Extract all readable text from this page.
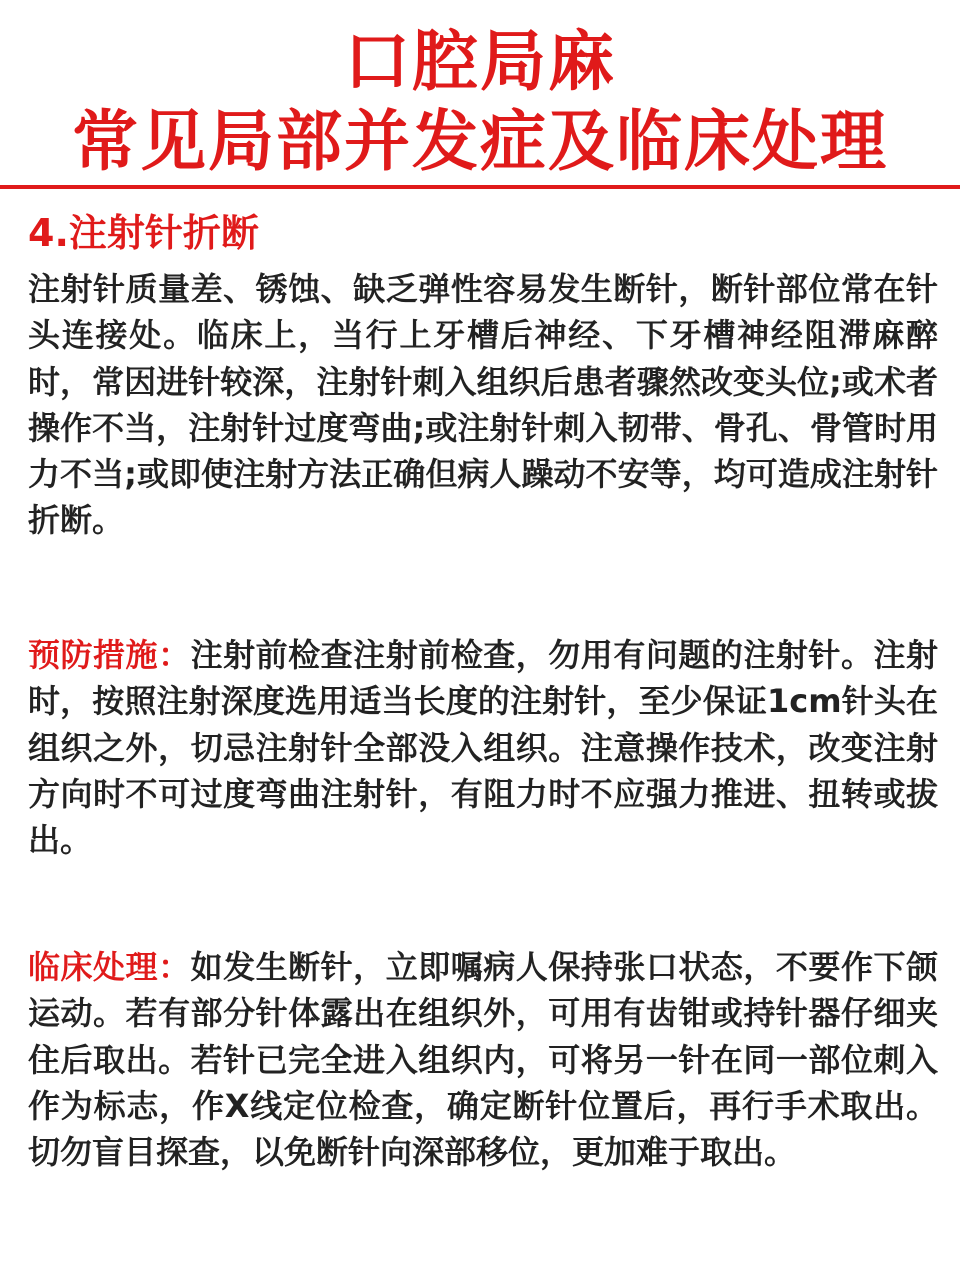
口腔局麻
常见局部并发症及临床处理
4.注射针折断

注射针质量差、锈蚀、缺乏弹性容易发生断针，断针部位常在针头连接处。临床上，当行上牙槽后神经、下牙槽神经阻滞麻醉时，常因进针较深，注射针刺入组织后患者骤然改变头位;或术者操作不当，注射针过度弯曲;或注射针刺入韧带、骨孔、骨管时用力不当;或即使注射方法正确但病人躁动不安等，均可造成注射针折断。

预防措施：注射前检查注射前检查，勿用有问题的注射针。注射时，按照注射深度选用适当长度的注射针，至少保证1cm针头在组织之外，切忌注射针全部没入组织。注意操作技术，改变注射方向时不可过度弯曲注射针，有阻力时不应强力推进、扭转或拔出。

临床处理：如发生断针，立即嘱病人保持张口状态，不要作下颌运动。若有部分针体露出在组织外，可用有齿钳或持针器仔细夹住后取出。若针已完全进入组织内，可将另一针在同一部位刺入作为标志，作X线定位检查，确定断针位置后，再行手术取出。切勿盲目探查，以免断针向深部移位，更加难于取出。
